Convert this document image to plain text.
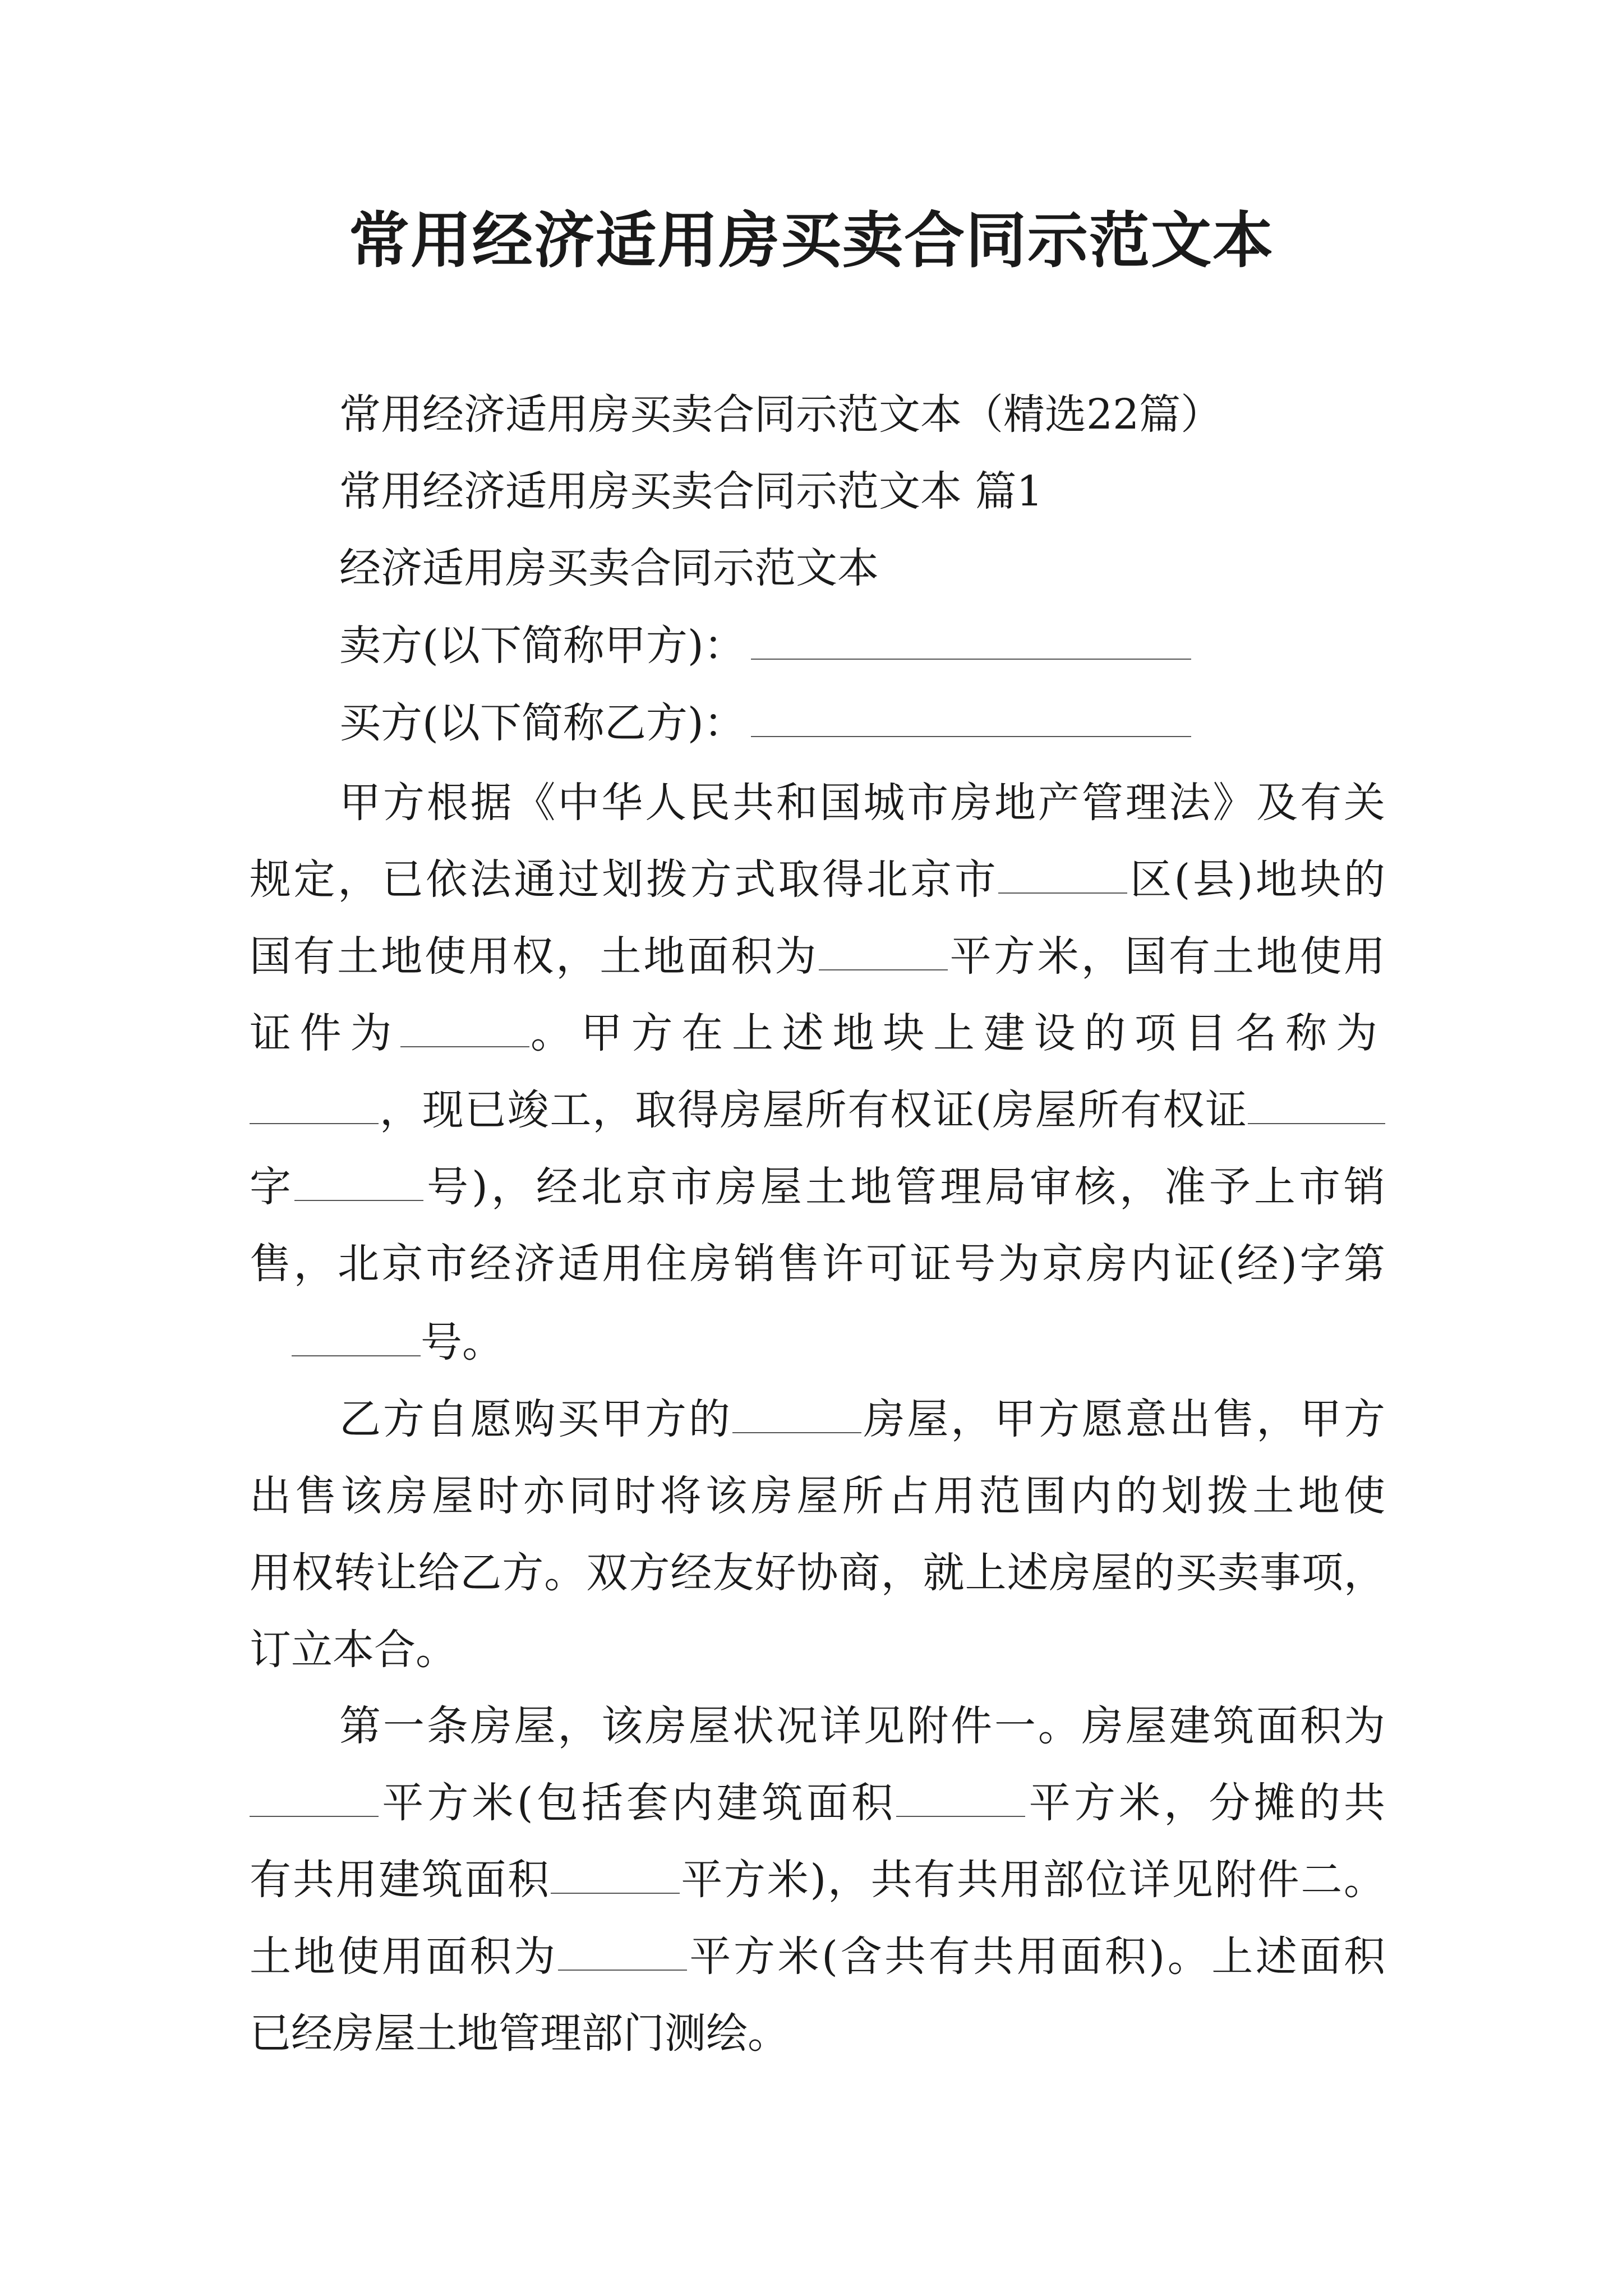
常用经济适用房买卖合同示范文本
常用经济适用房买卖合同示范文本（精选22篇）
常用经济适用房买卖合同示范文本 篇1
经济适用房买卖合同示范文本
卖方(以下简称甲方)：
买方(以下简称乙方)：
甲方根据《中华人民共和国城市房地产管理法》及有关
规定，已依法通过划拨方式取得北京市	区(县)地块的
国有土地使用权，土地面积为	平方米，国有土地使用
证件为	。甲方在上述地块上建设的项目名称为
，现已竣工，取得房屋所有权证(房屋所有权证
字	号)，经北京市房屋土地管理局审核，准予上市销
售，北京市经济适用住房销售许可证号为京房内证(经)字第
号。
乙方自愿购买甲方的	房屋，甲方愿意出售，甲方
出售该房屋时亦同时将该房屋所占用范围内的划拨土地使
用权转让给乙方。双方经友好协商，就上述房屋的买卖事项，
订立本合。
第一条房屋，该房屋状况详见附件一。房屋建筑面积为
平方米(包括套内建筑面积	平方米，分摊的共
有共用建筑面积	平方米)，共有共用部位详见附件二。
土地使用面积为	平方米(含共有共用面积)。上述面积
已经房屋土地管理部门测绘。
